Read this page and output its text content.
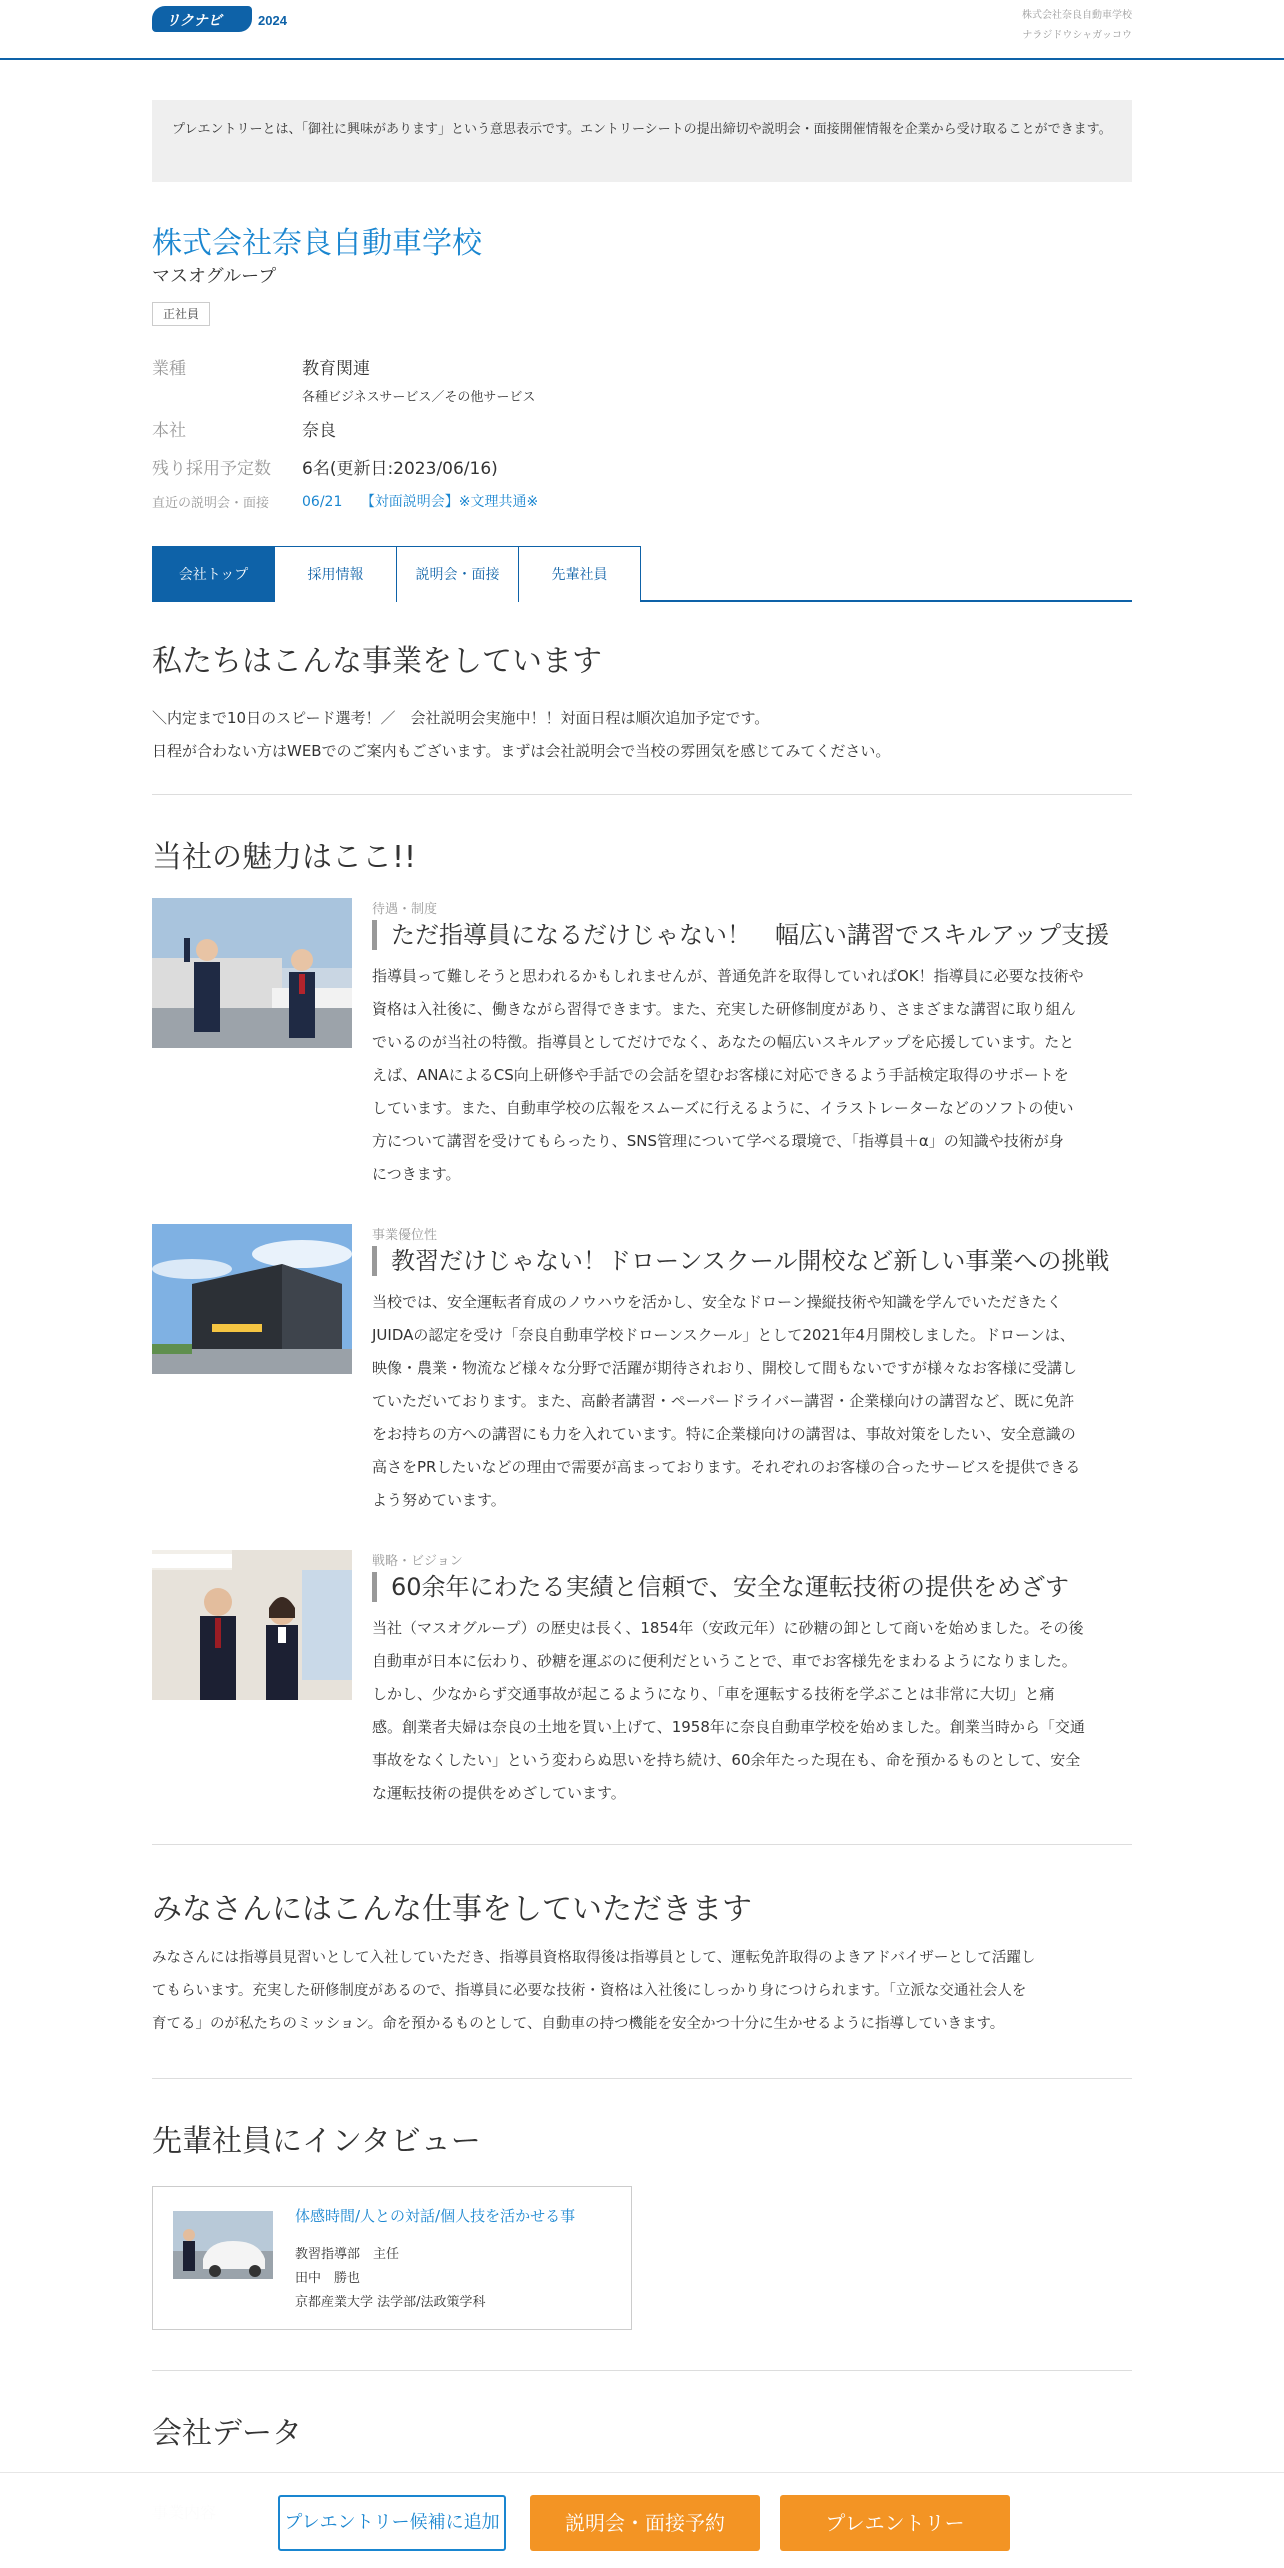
リクナビ	2024	株式会社奈良自動車学校
ナラジドウシャガッコウ
プレエントリーとは、「御社に興味があります」という意思表示です。エントリーシートの提出締切や説明会・面接開催情報を企業から受け取ることができます。
株式会社奈良自動車学校
マスオグループ
正社員
業種	教育関連
各種ビジネスサービス／その他サービス
本社	奈良
残り採用予定数 6名(更新日:2023/06/16)
直近の説明会・面接 06/21 【対面説明会】※文理共通※
会社トップ	採用情報	説明会・面接	先輩社員
私たちはこんな事業をしています
＼内定まで10日のスピード選考！／　会社説明会実施中！！対面日程は順次追加予定です。
日程が合わない方はWEBでのご案内もございます。まずは会社説明会で当校の雰囲気を感じてみてください。
当社の魅力はここ!!
待遇・制度
ただ指導員になるだけじゃない！　幅広い講習でスキルアップ支援
指導員って難しそうと思われるかもしれませんが、普通免許を取得していればOK！指導員に必要な技術や
資格は入社後に、働きながら習得できます。また、充実した研修制度があり、さまざまな講習に取り組ん
でいるのが当社の特徴。指導員としてだけでなく、あなたの幅広いスキルアップを応援しています。たと
えば、ANAによるCS向上研修や手話での会話を望むお客様に対応できるよう手話検定取得のサポートを
しています。また、自動車学校の広報をスムーズに行えるように、イラストレーターなどのソフトの使い
方について講習を受けてもらったり、SNS管理について学べる環境で、「指導員＋α」の知識や技術が身
につきます。
事業優位性
教習だけじゃない！ドローンスクール開校など新しい事業への挑戦
当校では、安全運転者育成のノウハウを活かし、安全なドローン操縦技術や知識を学んでいただきたく
JUIDAの認定を受け「奈良自動車学校ドローンスクール」として2021年4月開校しました。ドローンは、
映像・農業・物流など様々な分野で活躍が期待されおり、開校して間もないですが様々なお客様に受講し
ていただいております。また、高齢者講習・ペーパードライバー講習・企業様向けの講習など、既に免許
をお持ちの方への講習にも力を入れています。特に企業様向けの講習は、事故対策をしたい、安全意識の
高さをPRしたいなどの理由で需要が高まっております。それぞれのお客様の合ったサービスを提供できる
よう努めています。
戦略・ビジョン
60余年にわたる実績と信頼で、安全な運転技術の提供をめざす
当社（マスオグループ）の歴史は長く、1854年（安政元年）に砂糖の卸として商いを始めました。その後
自動車が日本に伝わり、砂糖を運ぶのに便利だということで、車でお客様先をまわるようになりました。
しかし、少なからず交通事故が起こるようになり、「車を運転する技術を学ぶことは非常に大切」と痛
感。創業者夫婦は奈良の土地を買い上げて、1958年に奈良自動車学校を始めました。創業当時から「交通
事故をなくしたい」という変わらぬ思いを持ち続け、60余年たった現在も、命を預かるものとして、安全
な運転技術の提供をめざしています。
みなさんにはこんな仕事をしていただきます
みなさんには指導員見習いとして入社していただき、指導員資格取得後は指導員として、運転免許取得のよきアドバイザーとして活躍し
てもらいます。充実した研修制度があるので、指導員に必要な技術・資格は入社後にしっかり身につけられます。「立派な交通社会人を
育てる」のが私たちのミッション。命を預かるものとして、自動車の持つ機能を安全かつ十分に生かせるように指導していきます。
先輩社員にインタビュー
体感時間/人との対話/個人技を活かせる事
教習指導部　主任
田中　勝也
京都産業大学 法学部/法政策学科
会社データ
プレエントリー候補に追加	説明会・面接予約	プレエントリー
